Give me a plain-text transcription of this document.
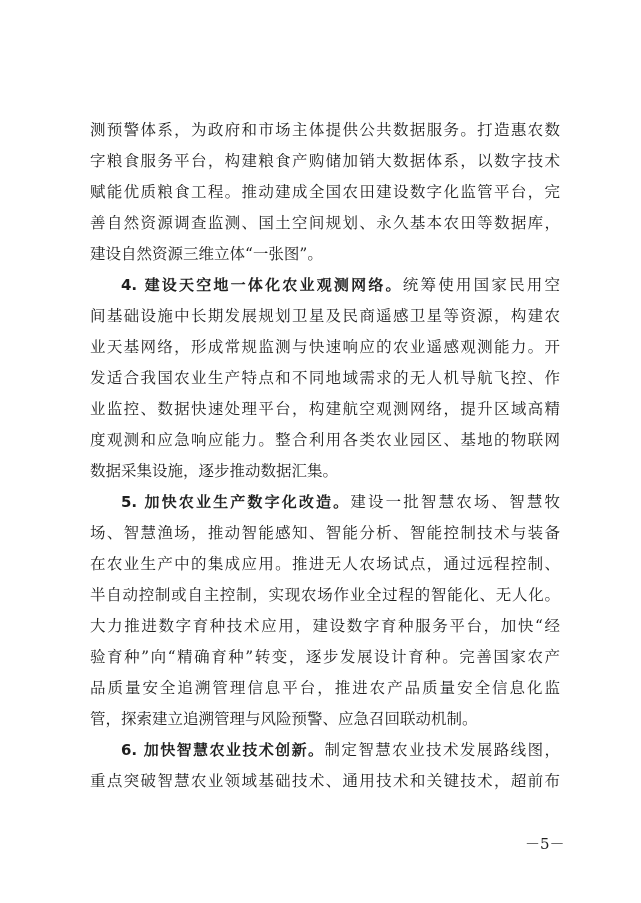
测预警体系，为政府和市场主体提供公共数据服务。打造惠农数
字粮食服务平台，构建粮食产购储加销大数据体系，以数字技术
赋能优质粮食工程。推动建成全国农田建设数字化监管平台，完
善自然资源调查监测、国土空间规划、永久基本农田等数据库，
建设自然资源三维立体“一张图”。
4. 建设天空地一体化农业观测网络。统筹使用国家民用空
间基础设施中长期发展规划卫星及民商遥感卫星等资源，构建农
业天基网络，形成常规监测与快速响应的农业遥感观测能力。开
发适合我国农业生产特点和不同地域需求的无人机导航飞控、作
业监控、数据快速处理平台，构建航空观测网络，提升区域高精
度观测和应急响应能力。整合利用各类农业园区、基地的物联网
数据采集设施，逐步推动数据汇集。
5. 加快农业生产数字化改造。建设一批智慧农场、智慧牧
场、智慧渔场，推动智能感知、智能分析、智能控制技术与装备
在农业生产中的集成应用。推进无人农场试点，通过远程控制、
半自动控制或自主控制，实现农场作业全过程的智能化、无人化。
大力推进数字育种技术应用，建设数字育种服务平台，加快“经
验育种”向“精确育种”转变，逐步发展设计育种。完善国家农产
品质量安全追溯管理信息平台，推进农产品质量安全信息化监
管，探索建立追溯管理与风险预警、应急召回联动机制。
6. 加快智慧农业技术创新。制定智慧农业技术发展路线图，
重点突破智慧农业领域基础技术、通用技术和关键技术，超前布
－5－
